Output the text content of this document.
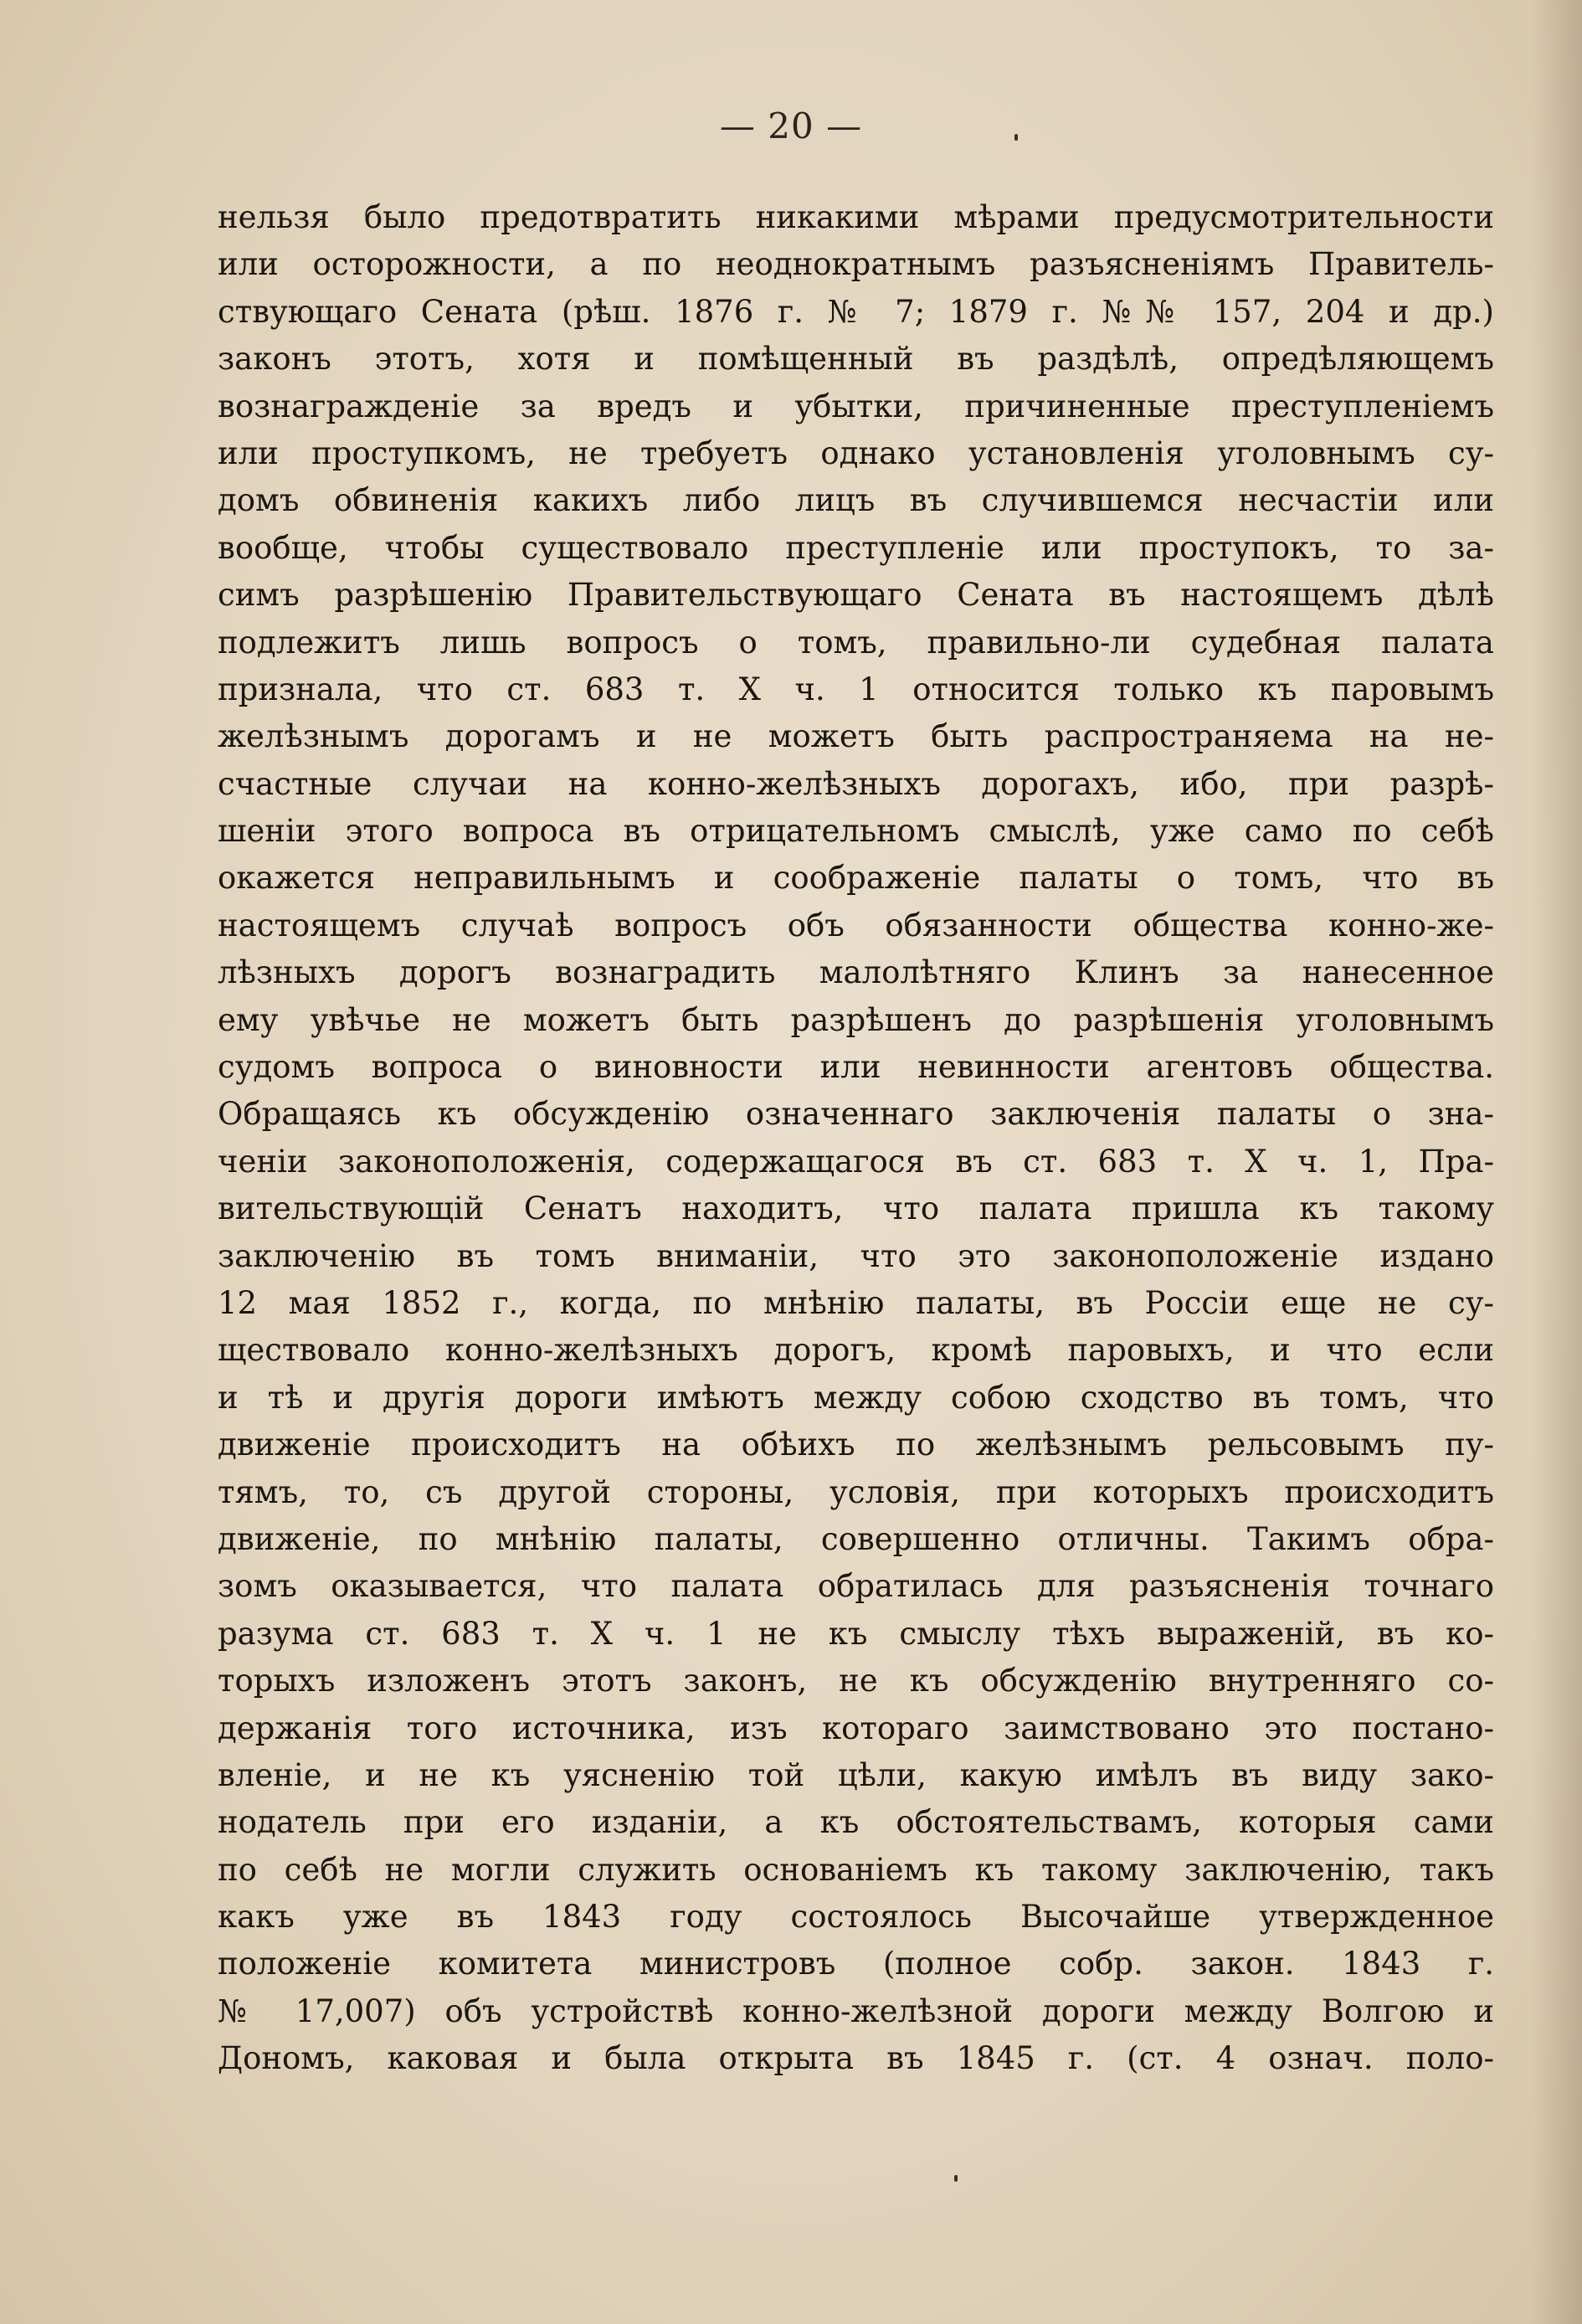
— 20 —
нельзя было предотвратить никакими мѣрами предусмотрительности
или осторожности, а по неоднократнымъ разъясненіямъ Правитель-
ствующаго Сената (рѣш. 1876 г. № 7; 1879 г. №№ 157, 204 и др.)
законъ этотъ, хотя и помѣщенный въ раздѣлѣ, опредѣляющемъ
вознагражденіе за вредъ и убытки, причиненные преступленіемъ
или проступкомъ, не требуетъ однако установленія уголовнымъ су-
домъ обвиненія какихъ либо лицъ въ случившемся несчастіи или
вообще, чтобы существовало преступленіе или проступокъ, то за-
симъ разрѣшенію Правительствующаго Сената въ настоящемъ дѣлѣ
подлежитъ лишь вопросъ о томъ, правильно-ли судебная палата
признала, что ст. 683 т. X ч. 1 относится только къ паровымъ
желѣзнымъ дорогамъ и не можетъ быть распространяема на не-
счастные случаи на конно-желѣзныхъ дорогахъ, ибо, при разрѣ-
шеніи этого вопроса въ отрицательномъ смыслѣ, уже само по себѣ
окажется неправильнымъ и соображеніе палаты о томъ, что въ
настоящемъ случаѣ вопросъ объ обязанности общества конно-же-
лѣзныхъ дорогъ вознаградить малолѣтняго Клинъ за нанесенное
ему увѣчье не можетъ быть разрѣшенъ до разрѣшенія уголовнымъ
судомъ вопроса о виновности или невинности агентовъ общества.
Обращаясь къ обсужденію означеннаго заключенія палаты о зна-
ченіи законоположенія, содержащагося въ ст. 683 т. X ч. 1, Пра-
вительствующій Сенатъ находитъ, что палата пришла къ такому
заключенію въ томъ вниманіи, что это законоположеніе издано
12 мая 1852 г., когда, по мнѣнію палаты, въ Россіи еще не су-
ществовало конно-желѣзныхъ дорогъ, кромѣ паровыхъ, и что если
и тѣ и другія дороги имѣютъ между собою сходство въ томъ, что
движеніе происходитъ на обѣихъ по желѣзнымъ рельсовымъ пу-
тямъ, то, съ другой стороны, условія, при которыхъ происходитъ
движеніе, по мнѣнію палаты, совершенно отличны. Такимъ обра-
зомъ оказывается, что палата обратилась для разъясненія точнаго
разума ст. 683 т. X ч. 1 не къ смыслу тѣхъ выраженій, въ ко-
торыхъ изложенъ этотъ законъ, не къ обсужденію внутренняго со-
держанія того источника, изъ котораго заимствовано это постано-
вленіе, и не къ уясненію той цѣли, какую имѣлъ въ виду зако-
нодатель при его изданіи, а къ обстоятельствамъ, которыя сами
по себѣ не могли служить основаніемъ къ такому заключенію, такъ
какъ уже въ 1843 году состоялось Высочайше утвержденное
положеніе комитета министровъ (полное собр. закон. 1843 г.
№ 17,007) объ устройствѣ конно-желѣзной дороги между Волгою и
Дономъ, каковая и была открыта въ 1845 г. (ст. 4 означ. поло-
